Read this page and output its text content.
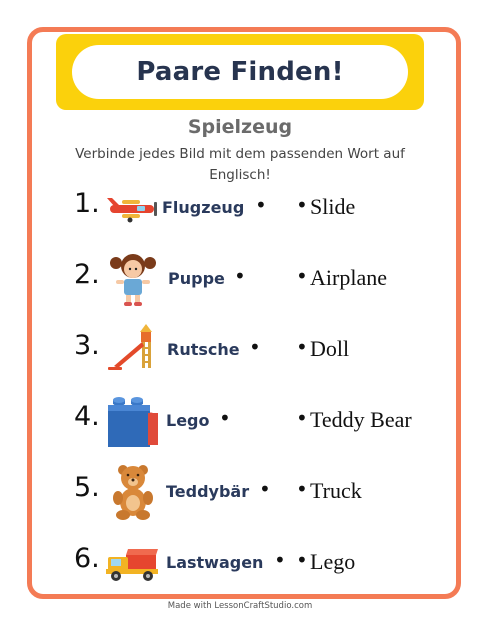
Paare Finden!
Spielzeug
Verbinde jedes Bild mit dem passenden Wort auf Englisch!
1.	Flugzeug • • Slide
2.	Puppe •	• Airplane
3.	Rutsche • • Doll
4.	Lego •	• Teddy Bear
5.	Teddybär • • Truck
6.	Lastwagen • • Lego
Made with LessonCraftStudio.com
